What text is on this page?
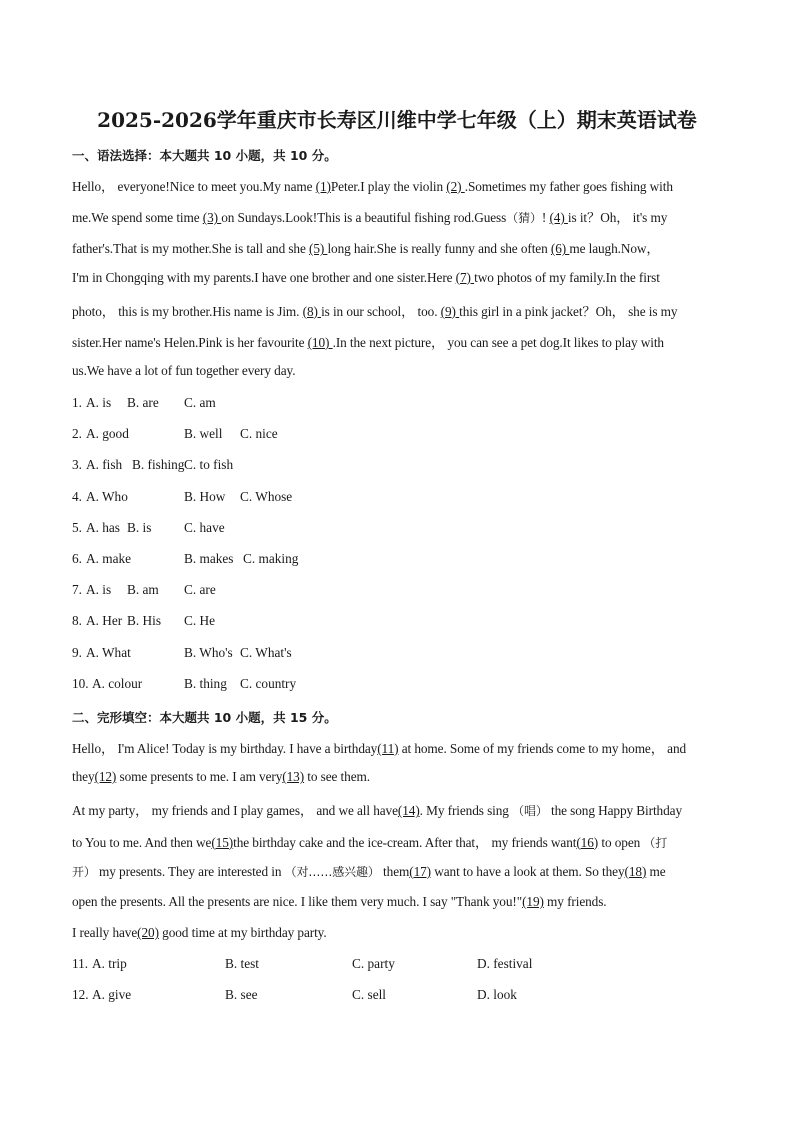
2025-2026学年重庆市长寿区川维中学七年级（上）期末英语试卷
一、语法选择：本大题共 10 小题，共 10 分。
Hello， everyone!Nice to meet you.My name (1)Peter.I play the violin (2) .Sometimes my father goes fishing with
me.We spend some time (3) on Sundays.Look!This is a beautiful fishing rod.Guess（猜）! (4) is it？Oh， it's my
father's.That is my mother.She is tall and she (5) long hair.She is really funny and she often (6) me laugh.Now，
I'm in Chongqing with my parents.I have one brother and one sister.Here (7) two photos of my family.In the first
photo， this is my brother.His name is Jim. (8) is in our school， too. (9) this girl in a pink jacket？Oh， she is my
sister.Her name's Helen.Pink is her favourite (10) .In the next picture， you can see a pet dog.It likes to play with
us.We have a lot of fun together every day.
1. A. is B. are C. am
2. A. good	B. well C. nice
3. A. fish B. fishing C. to fish
4. A. Who	B. How C. Whose
5. A. has B. is C. have
6. A. make	B. makes C. making
7. A. is B. am C. are
8. A. Her B. His C. He
9. A. What	B. Who's C. What's
10. A. colour	B. thing C. country
二、完形填空：本大题共 10 小题，共 15 分。
Hello， I'm Alice! Today is my birthday. I have a birthday(11) at home. Some of my friends come to my home， and
they(12) some presents to me. I am very(13) to see them.
At my party， my friends and I play games， and we all have(14). My friends sing （唱） the song Happy Birthday
to You to me. And then we(15)the birthday cake and the ice-cream. After that， my friends want(16) to open （打
开） my presents. They are interested in （对……感兴趣） them(17) want to have a look at them. So they(18) me
open the presents. All the presents are nice. I like them very much. I say "Thank you!"(19) my friends.
I really have(20) good time at my birthday party.
11. A. trip	B. test	C. party	D. festival
12. A. give	B. see	C. sell	D. look
